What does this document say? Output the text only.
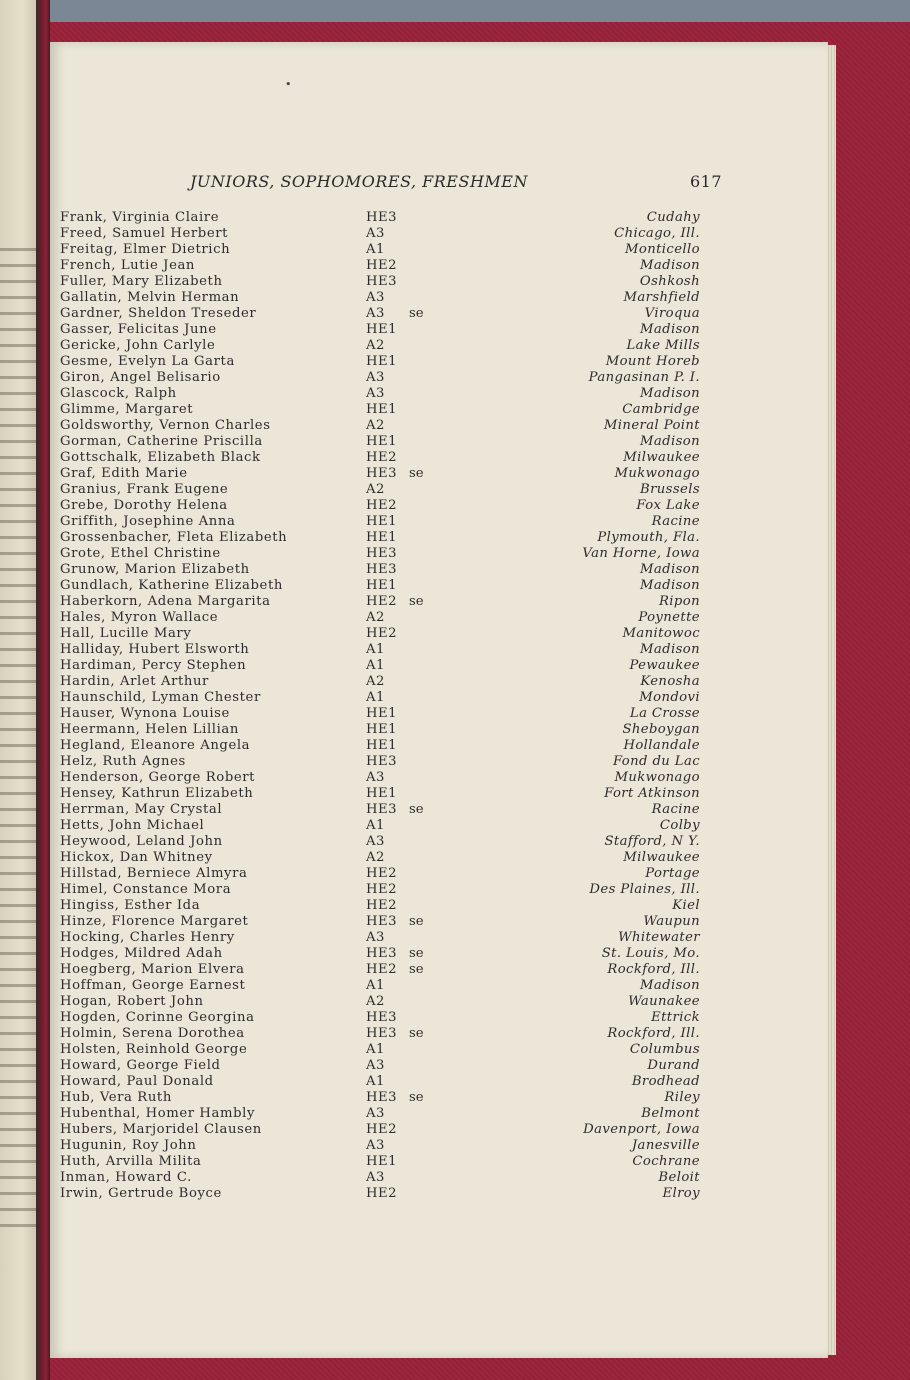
•
JUNIORS, SOPHOMORES, FRESHMEN	617
Frank, Virginia Claire	HE3	Cudahy
Freed, Samuel Herbert	A3	Chicago, Ill.
Freitag, Elmer Dietrich	A1	Monticello
French, Lutie Jean	HE2	Madison
Fuller, Mary Elizabeth	HE3	Oshkosh
Gallatin, Melvin Herman	A3	Marshfield
Gardner, Sheldon Treseder	A3 se	Viroqua
Gasser, Felicitas June	HE1	Madison
Gericke, John Carlyle	A2	Lake Mills
Gesme, Evelyn La Garta	HE1	Mount Horeb
Giron, Angel Belisario	A3	Pangasinan P. I.
Glascock, Ralph	A3	Madison
Glimme, Margaret	HE1	Cambridge
Goldsworthy, Vernon Charles	A2	Mineral Point
Gorman, Catherine Priscilla	HE1	Madison
Gottschalk, Elizabeth Black	HE2	Milwaukee
Graf, Edith Marie	HE3 se	Mukwonago
Granius, Frank Eugene	A2	Brussels
Grebe, Dorothy Helena	HE2	Fox Lake
Griffith, Josephine Anna	HE1	Racine
Grossenbacher, Fleta Elizabeth	HE1	Plymouth, Fla.
Grote, Ethel Christine	HE3	Van Horne, Iowa
Grunow, Marion Elizabeth	HE3	Madison
Gundlach, Katherine Elizabeth	HE1	Madison
Haberkorn, Adena Margarita	HE2 se	Ripon
Hales, Myron Wallace	A2	Poynette
Hall, Lucille Mary	HE2	Manitowoc
Halliday, Hubert Elsworth	A1	Madison
Hardiman, Percy Stephen	A1	Pewaukee
Hardin, Arlet Arthur	A2	Kenosha
Haunschild, Lyman Chester	A1	Mondovi
Hauser, Wynona Louise	HE1	La Crosse
Heermann, Helen Lillian	HE1	Sheboygan
Hegland, Eleanore Angela	HE1	Hollandale
Helz, Ruth Agnes	HE3	Fond du Lac
Henderson, George Robert	A3	Mukwonago
Hensey, Kathrun Elizabeth	HE1	Fort Atkinson
Herrman, May Crystal	HE3 se	Racine
Hetts, John Michael	A1	Colby
Heywood, Leland John	A3	Stafford, N Y.
Hickox, Dan Whitney	A2	Milwaukee
Hillstad, Berniece Almyra	HE2	Portage
Himel, Constance Mora	HE2	Des Plaines, Ill.
Hingiss, Esther Ida	HE2	Kiel
Hinze, Florence Margaret	HE3 se	Waupun
Hocking, Charles Henry	A3	Whitewater
Hodges, Mildred Adah	HE3 se	St. Louis, Mo.
Hoegberg, Marion Elvera	HE2 se	Rockford, Ill.
Hoffman, George Earnest	A1	Madison
Hogan, Robert John	A2	Waunakee
Hogden, Corinne Georgina	HE3	Ettrick
Holmin, Serena Dorothea	HE3 se	Rockford, Ill.
Holsten, Reinhold George	A1	Columbus
Howard, George Field	A3	Durand
Howard, Paul Donald	A1	Brodhead
Hub, Vera Ruth	HE3 se	Riley
Hubenthal, Homer Hambly	A3	Belmont
Hubers, Marjoridel Clausen	HE2	Davenport, Iowa
Hugunin, Roy John	A3	Janesville
Huth, Arvilla Milita	HE1	Cochrane
Inman, Howard C.	A3	Beloit
Irwin, Gertrude Boyce	HE2	Elroy
